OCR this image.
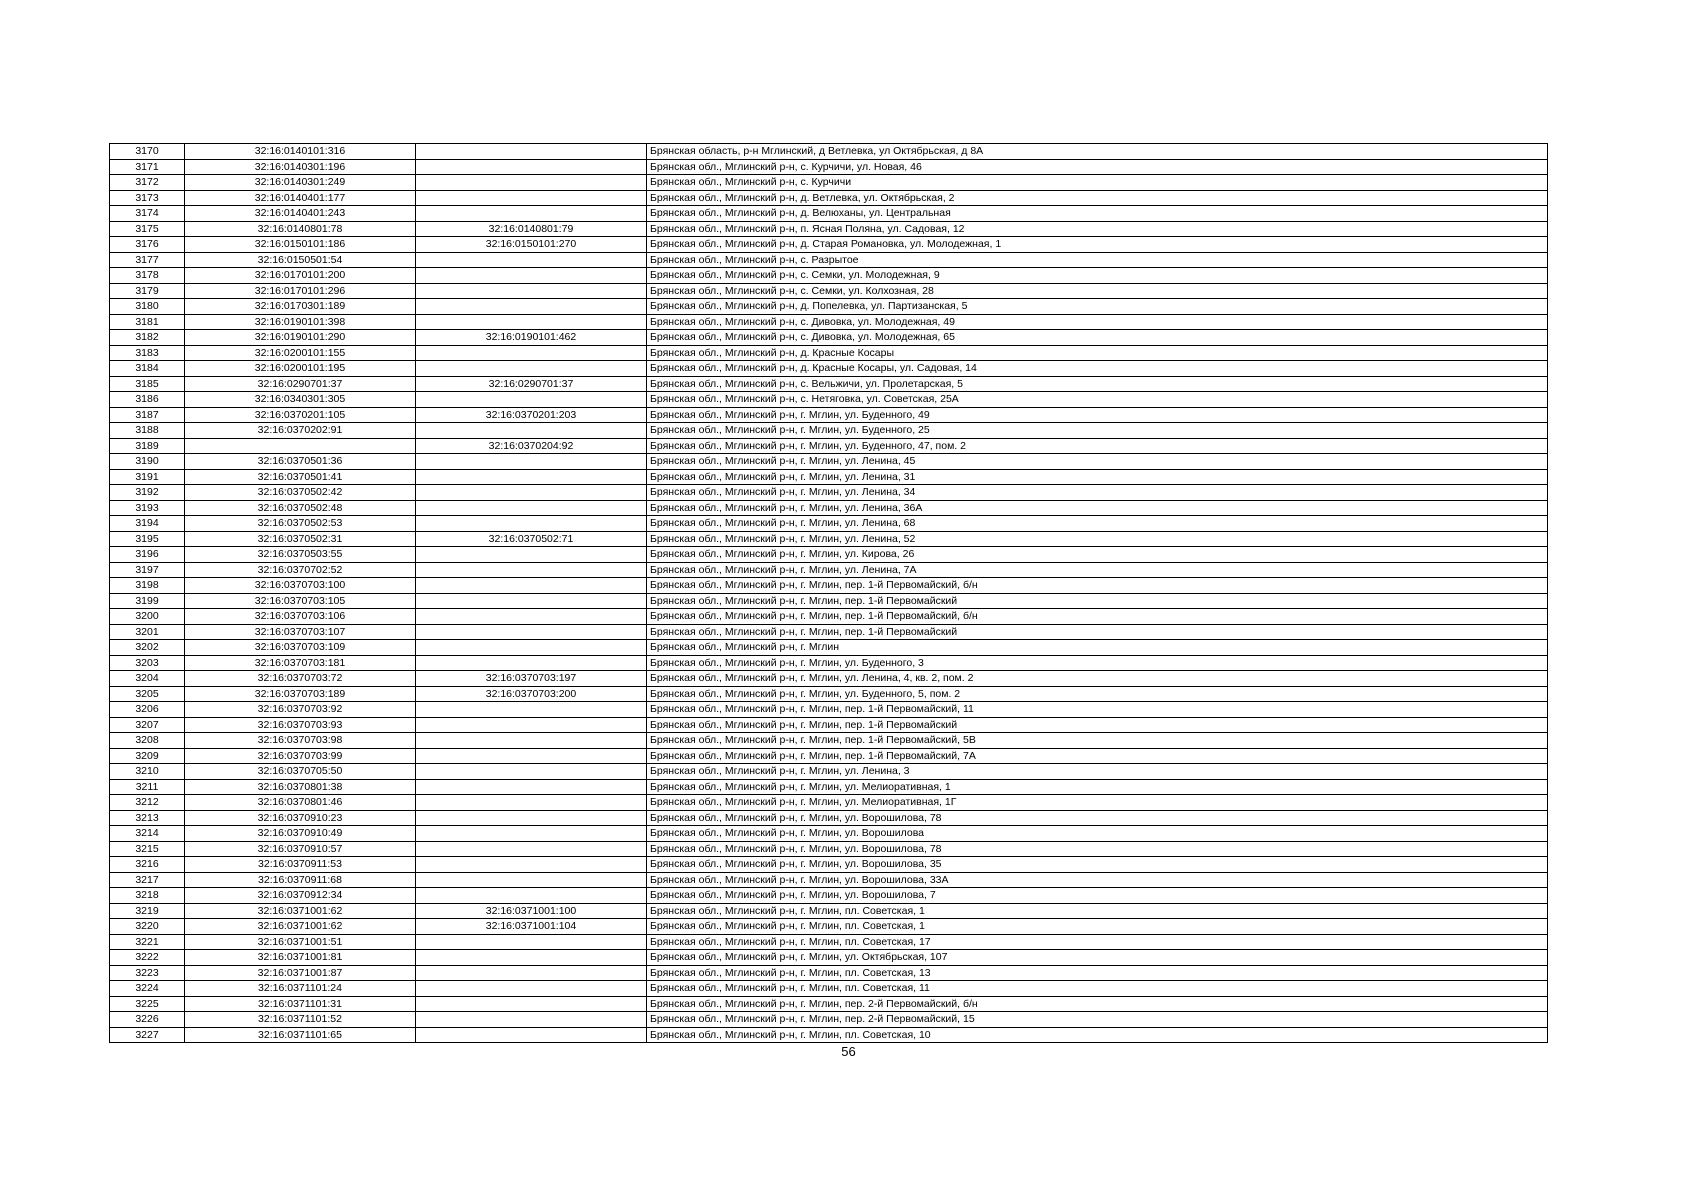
3170	32:16:0140101:316		Брянская область, р-н Мглинский, д Ветлевка, ул Октябрьская, д 8А
3171	32:16:0140301:196		Брянская обл., Мглинский р-н, с. Курчичи, ул. Новая, 46
3172	32:16:0140301:249		Брянская обл., Мглинский р-н, с. Курчичи
3173	32:16:0140401:177		Брянская обл., Мглинский р-н, д. Ветлевка, ул. Октябрьская, 2
3174	32:16:0140401:243		Брянская обл., Мглинский р-н, д. Велюханы, ул. Центральная
3175	32:16:0140801:78	32:16:0140801:79	Брянская обл., Мглинский р-н, п. Ясная Поляна, ул. Садовая, 12
3176	32:16:0150101:186	32:16:0150101:270	Брянская обл., Мглинский р-н, д. Старая Романовка, ул. Молодежная, 1
3177	32:16:0150501:54		Брянская обл., Мглинский р-н, с. Разрытое
3178	32:16:0170101:200		Брянская обл., Мглинский р-н, с. Семки, ул. Молодежная, 9
3179	32:16:0170101:296		Брянская обл., Мглинский р-н, с. Семки, ул. Колхозная, 28
3180	32:16:0170301:189		Брянская обл., Мглинский р-н, д. Попелевка, ул. Партизанская, 5
3181	32:16:0190101:398		Брянская обл., Мглинский р-н, с. Дивовка, ул. Молодежная, 49
3182	32:16:0190101:290	32:16:0190101:462	Брянская обл., Мглинский р-н, с. Дивовка, ул. Молодежная, 65
3183	32:16:0200101:155		Брянская обл., Мглинский р-н, д. Красные Косары
3184	32:16:0200101:195		Брянская обл., Мглинский р-н, д. Красные Косары, ул. Садовая, 14
3185	32:16:0290701:37	32:16:0290701:37	Брянская обл., Мглинский р-н, с. Вельжичи, ул. Пролетарская, 5
3186	32:16:0340301:305		Брянская обл., Мглинский р-н, с. Нетяговка, ул. Советская, 25А
3187	32:16:0370201:105	32:16:0370201:203	Брянская обл., Мглинский р-н, г. Мглин, ул. Буденного, 49
3188	32:16:0370202:91		Брянская обл., Мглинский р-н, г. Мглин, ул. Буденного, 25
3189		32:16:0370204:92	Брянская обл., Мглинский р-н, г. Мглин, ул. Буденного, 47, пом. 2
3190	32:16:0370501:36		Брянская обл., Мглинский р-н, г. Мглин, ул. Ленина, 45
3191	32:16:0370501:41		Брянская обл., Мглинский р-н, г. Мглин, ул. Ленина, 31
3192	32:16:0370502:42		Брянская обл., Мглинский р-н, г. Мглин, ул. Ленина, 34
3193	32:16:0370502:48		Брянская обл., Мглинский р-н, г. Мглин, ул. Ленина, 36А
3194	32:16:0370502:53		Брянская обл., Мглинский р-н, г. Мглин, ул. Ленина, 68
3195	32:16:0370502:31	32:16:0370502:71	Брянская обл., Мглинский р-н, г. Мглин, ул. Ленина, 52
3196	32:16:0370503:55		Брянская обл., Мглинский р-н, г. Мглин, ул. Кирова, 26
3197	32:16:0370702:52		Брянская обл., Мглинский р-н, г. Мглин, ул. Ленина, 7А
3198	32:16:0370703:100		Брянская обл., Мглинский р-н, г. Мглин, пер. 1-й Первомайский, б/н
3199	32:16:0370703:105		Брянская обл., Мглинский р-н, г. Мглин, пер. 1-й Первомайский
3200	32:16:0370703:106		Брянская обл., Мглинский р-н, г. Мглин, пер. 1-й Первомайский, б/н
3201	32:16:0370703:107		Брянская обл., Мглинский р-н, г. Мглин, пер. 1-й Первомайский
3202	32:16:0370703:109		Брянская обл., Мглинский р-н, г. Мглин
3203	32:16:0370703:181		Брянская обл., Мглинский р-н, г. Мглин, ул. Буденного, 3
3204	32:16:0370703:72	32:16:0370703:197	Брянская обл., Мглинский р-н, г. Мглин, ул. Ленина, 4, кв. 2, пом. 2
3205	32:16:0370703:189	32:16:0370703:200	Брянская обл., Мглинский р-н, г. Мглин, ул. Буденного, 5, пом. 2
3206	32:16:0370703:92		Брянская обл., Мглинский р-н, г. Мглин, пер. 1-й Первомайский, 11
3207	32:16:0370703:93		Брянская обл., Мглинский р-н, г. Мглин, пер. 1-й Первомайский
3208	32:16:0370703:98		Брянская обл., Мглинский р-н, г. Мглин, пер. 1-й Первомайский, 5В
3209	32:16:0370703:99		Брянская обл., Мглинский р-н, г. Мглин, пер. 1-й Первомайский, 7А
3210	32:16:0370705:50		Брянская обл., Мглинский р-н, г. Мглин, ул. Ленина, 3
3211	32:16:0370801:38		Брянская обл., Мглинский р-н, г. Мглин, ул. Мелиоративная, 1
3212	32:16:0370801:46		Брянская обл., Мглинский р-н, г. Мглин, ул. Мелиоративная, 1Г
3213	32:16:0370910:23		Брянская обл., Мглинский р-н, г. Мглин, ул. Ворошилова, 78
3214	32:16:0370910:49		Брянская обл., Мглинский р-н, г. Мглин, ул. Ворошилова
3215	32:16:0370910:57		Брянская обл., Мглинский р-н, г. Мглин, ул. Ворошилова, 78
3216	32:16:0370911:53		Брянская обл., Мглинский р-н, г. Мглин, ул. Ворошилова, 35
3217	32:16:0370911:68		Брянская обл., Мглинский р-н, г. Мглин, ул. Ворошилова, 33А
3218	32:16:0370912:34		Брянская обл., Мглинский р-н, г. Мглин, ул. Ворошилова, 7
3219	32:16:0371001:62	32:16:0371001:100	Брянская обл., Мглинский р-н, г. Мглин, пл. Советская, 1
3220	32:16:0371001:62	32:16:0371001:104	Брянская обл., Мглинский р-н, г. Мглин, пл. Советская, 1
3221	32:16:0371001:51		Брянская обл., Мглинский р-н, г. Мглин, пл. Советская, 17
3222	32:16:0371001:81		Брянская обл., Мглинский р-н, г. Мглин, ул. Октябрьская, 107
3223	32:16:0371001:87		Брянская обл., Мглинский р-н, г. Мглин, пл. Советская, 13
3224	32:16:0371101:24		Брянская обл., Мглинский р-н, г. Мглин, пл. Советская, 11
3225	32:16:0371101:31		Брянская обл., Мглинский р-н, г. Мглин, пер. 2-й Первомайский, б/н
3226	32:16:0371101:52		Брянская обл., Мглинский р-н, г. Мглин, пер. 2-й Первомайский, 15
3227	32:16:0371101:65		Брянская обл., Мглинский р-н, г. Мглин, пл. Советская, 10
56
